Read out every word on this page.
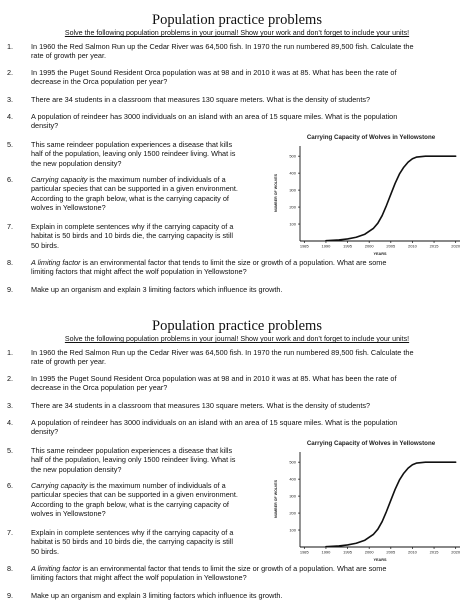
Population practice problems
Solve the following population problems in your journal! Show your work and don’t forget to include your units!
1. In 1960 the Red Salmon Run up the Cedar River was 64,500 fish. In 1970 the run numbered 89,500 fish. Calculate the
rate of growth per year.
2. In 1995 the Puget Sound Resident Orca population was at 98 and in 2010 it was at 85. What has been the rate of
decrease in the Orca population per year?
3. There are 34 students in a classroom that measures 130 square meters. What is the density of students?
4. A population of reindeer has 3000 individuals on an island with an area of 15 square miles. What is the population
density?
5. This same reindeer population experiences a disease that kills
half of the population, leaving only 1500 reindeer living. What is
the new population density?
6. Carrying capacity is the maximum number of individuals of a
particular species that can be supported in a given environment.
According to the graph below, what is the carrying capacity of
wolves in Yellowstone?
7. Explain in complete sentences why if the carrying capacity of a
habitat is 50 birds and 10 birds die, the carrying capacity is still
50 birds.
8. A limiting factor is an environmental factor that tends to limit the size or growth of a population. What are some
limiting factors that might affect the wolf population in Yellowstone?
9. Make up an organism and explain 3 limiting factors which influence its growth.
Carrying Capacity of Wolves in Yellowstone
NUMBER OF WOLVES
YEARS
100
200
300
400
500
1985	1990	1995	2000	2005	2010	2015	2020
Population practice problems
Solve the following population problems in your journal! Show your work and don’t forget to include your units!
1. In 1960 the Red Salmon Run up the Cedar River was 64,500 fish. In 1970 the run numbered 89,500 fish. Calculate the
rate of growth per year.
2. In 1995 the Puget Sound Resident Orca population was at 98 and in 2010 it was at 85. What has been the rate of
decrease in the Orca population per year?
3. There are 34 students in a classroom that measures 130 square meters. What is the density of students?
4. A population of reindeer has 3000 individuals on an island with an area of 15 square miles. What is the population
density?
5. This same reindeer population experiences a disease that kills
half of the population, leaving only 1500 reindeer living. What is
the new population density?
6. Carrying capacity is the maximum number of individuals of a
particular species that can be supported in a given environment.
According to the graph below, what is the carrying capacity of
wolves in Yellowstone?
7. Explain in complete sentences why if the carrying capacity of a
habitat is 50 birds and 10 birds die, the carrying capacity is still
50 birds.
8. A limiting factor is an environmental factor that tends to limit the size or growth of a population. What are some
limiting factors that might affect the wolf population in Yellowstone?
9. Make up an organism and explain 3 limiting factors which influence its growth.
Carrying Capacity of Wolves in Yellowstone
NUMBER OF WOLVES
YEARS
100
200
300
400
500
1985	1990	1995	2000	2005	2010	2015	2020
